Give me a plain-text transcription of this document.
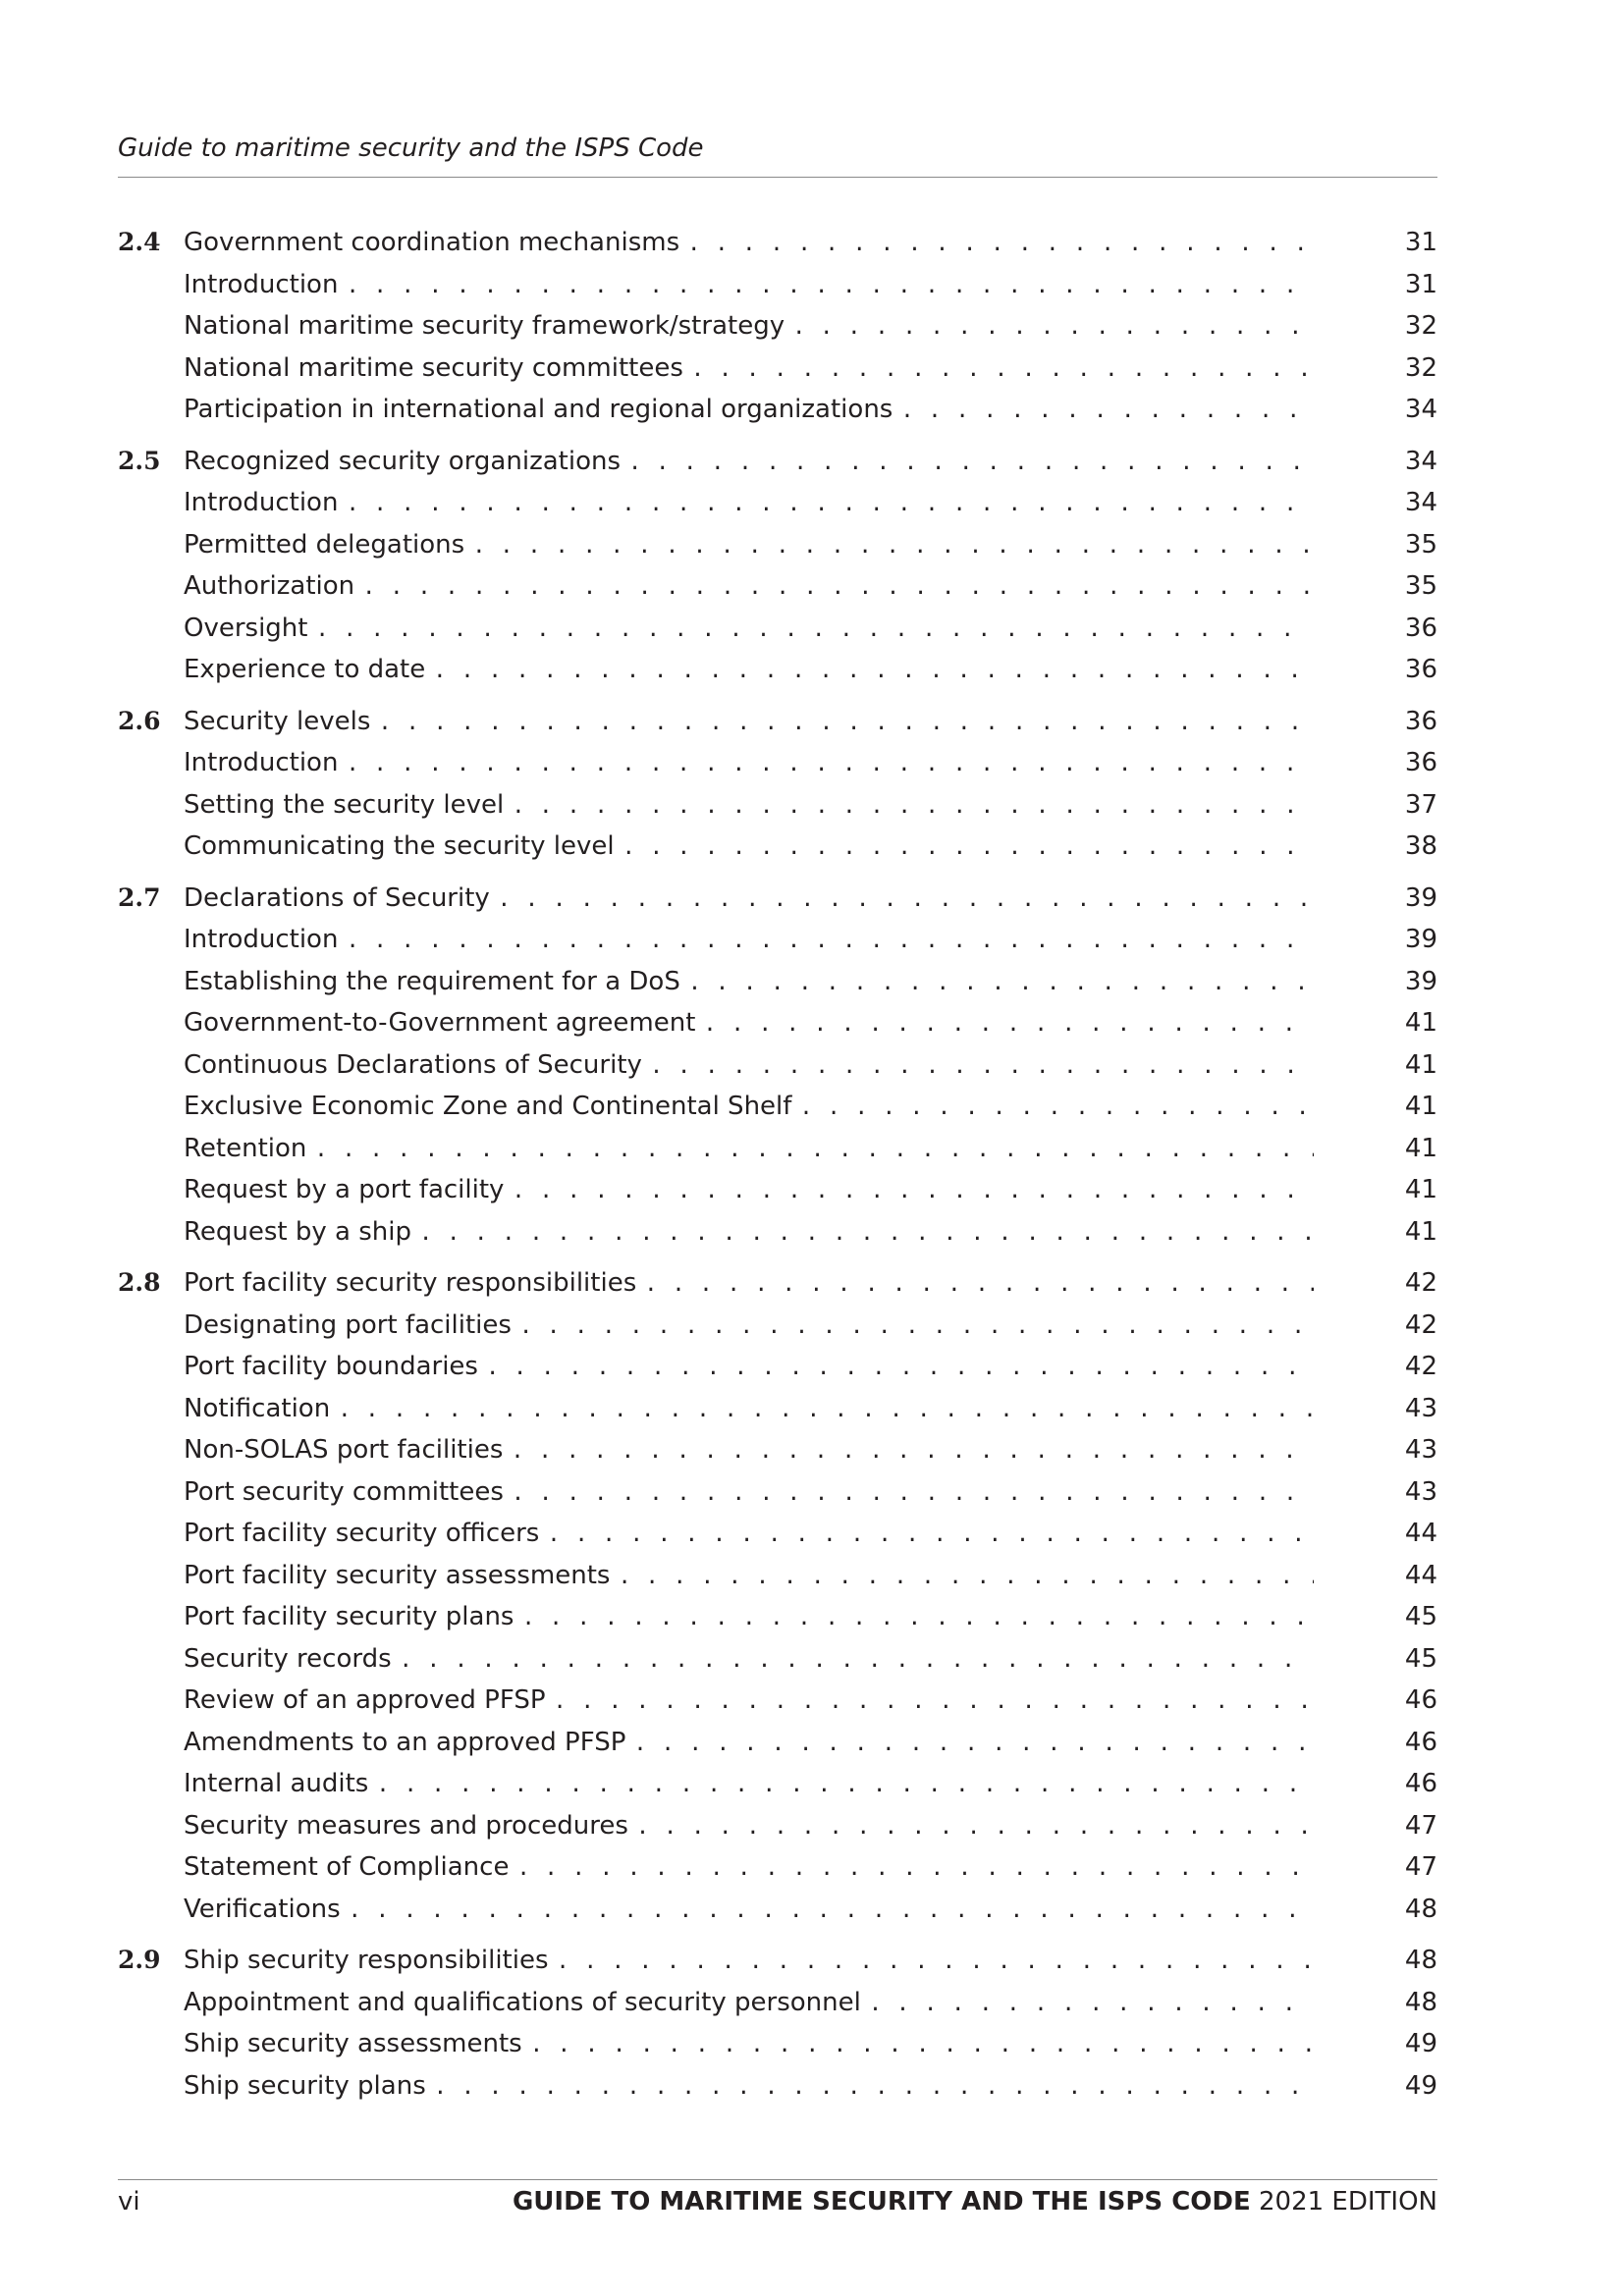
Guide to maritime security and the ISPS Code
2.4 Government coordination mechanisms . . .	31
Introduction . . .	31
National maritime security framework/strategy . . .	32
National maritime security committees . . .	32
Participation in international and regional organizations . . .	34
2.5 Recognized security organizations . . .	34
Introduction . . .	34
Permitted delegations . . .	35
Authorization . . .	35
Oversight . . .	36
Experience to date . . .	36
2.6 Security levels . . .	36
Introduction . . .	36
Setting the security level . . .	37
Communicating the security level . . .	38
2.7 Declarations of Security . . .	39
Introduction . . .	39
Establishing the requirement for a DoS . . .	39
Government-to-Government agreement . . .	41
Continuous Declarations of Security . . .	41
Exclusive Economic Zone and Continental Shelf . . .	41
Retention . . .	41
Request by a port facility . . .	41
Request by a ship . . .	41
2.8 Port facility security responsibilities . . .	42
Designating port facilities . . .	42
Port facility boundaries . . .	42
Notification . . .	43
Non-SOLAS port facilities . . .	43
Port security committees . . .	43
Port facility security officers . . .	44
Port facility security assessments . . .	44
Port facility security plans . . .	45
Security records . . .	45
Review of an approved PFSP . . .	46
Amendments to an approved PFSP . . .	46
Internal audits . . .	46
Security measures and procedures . . .	47
Statement of Compliance . . .	47
Verifications . . .	48
2.9 Ship security responsibilities . . .	48
Appointment and qualifications of security personnel . . .	48
Ship security assessments . . .	49
Ship security plans . . .	49
vi	GUIDE TO MARITIME SECURITY AND THE ISPS CODE 2021 EDITION
